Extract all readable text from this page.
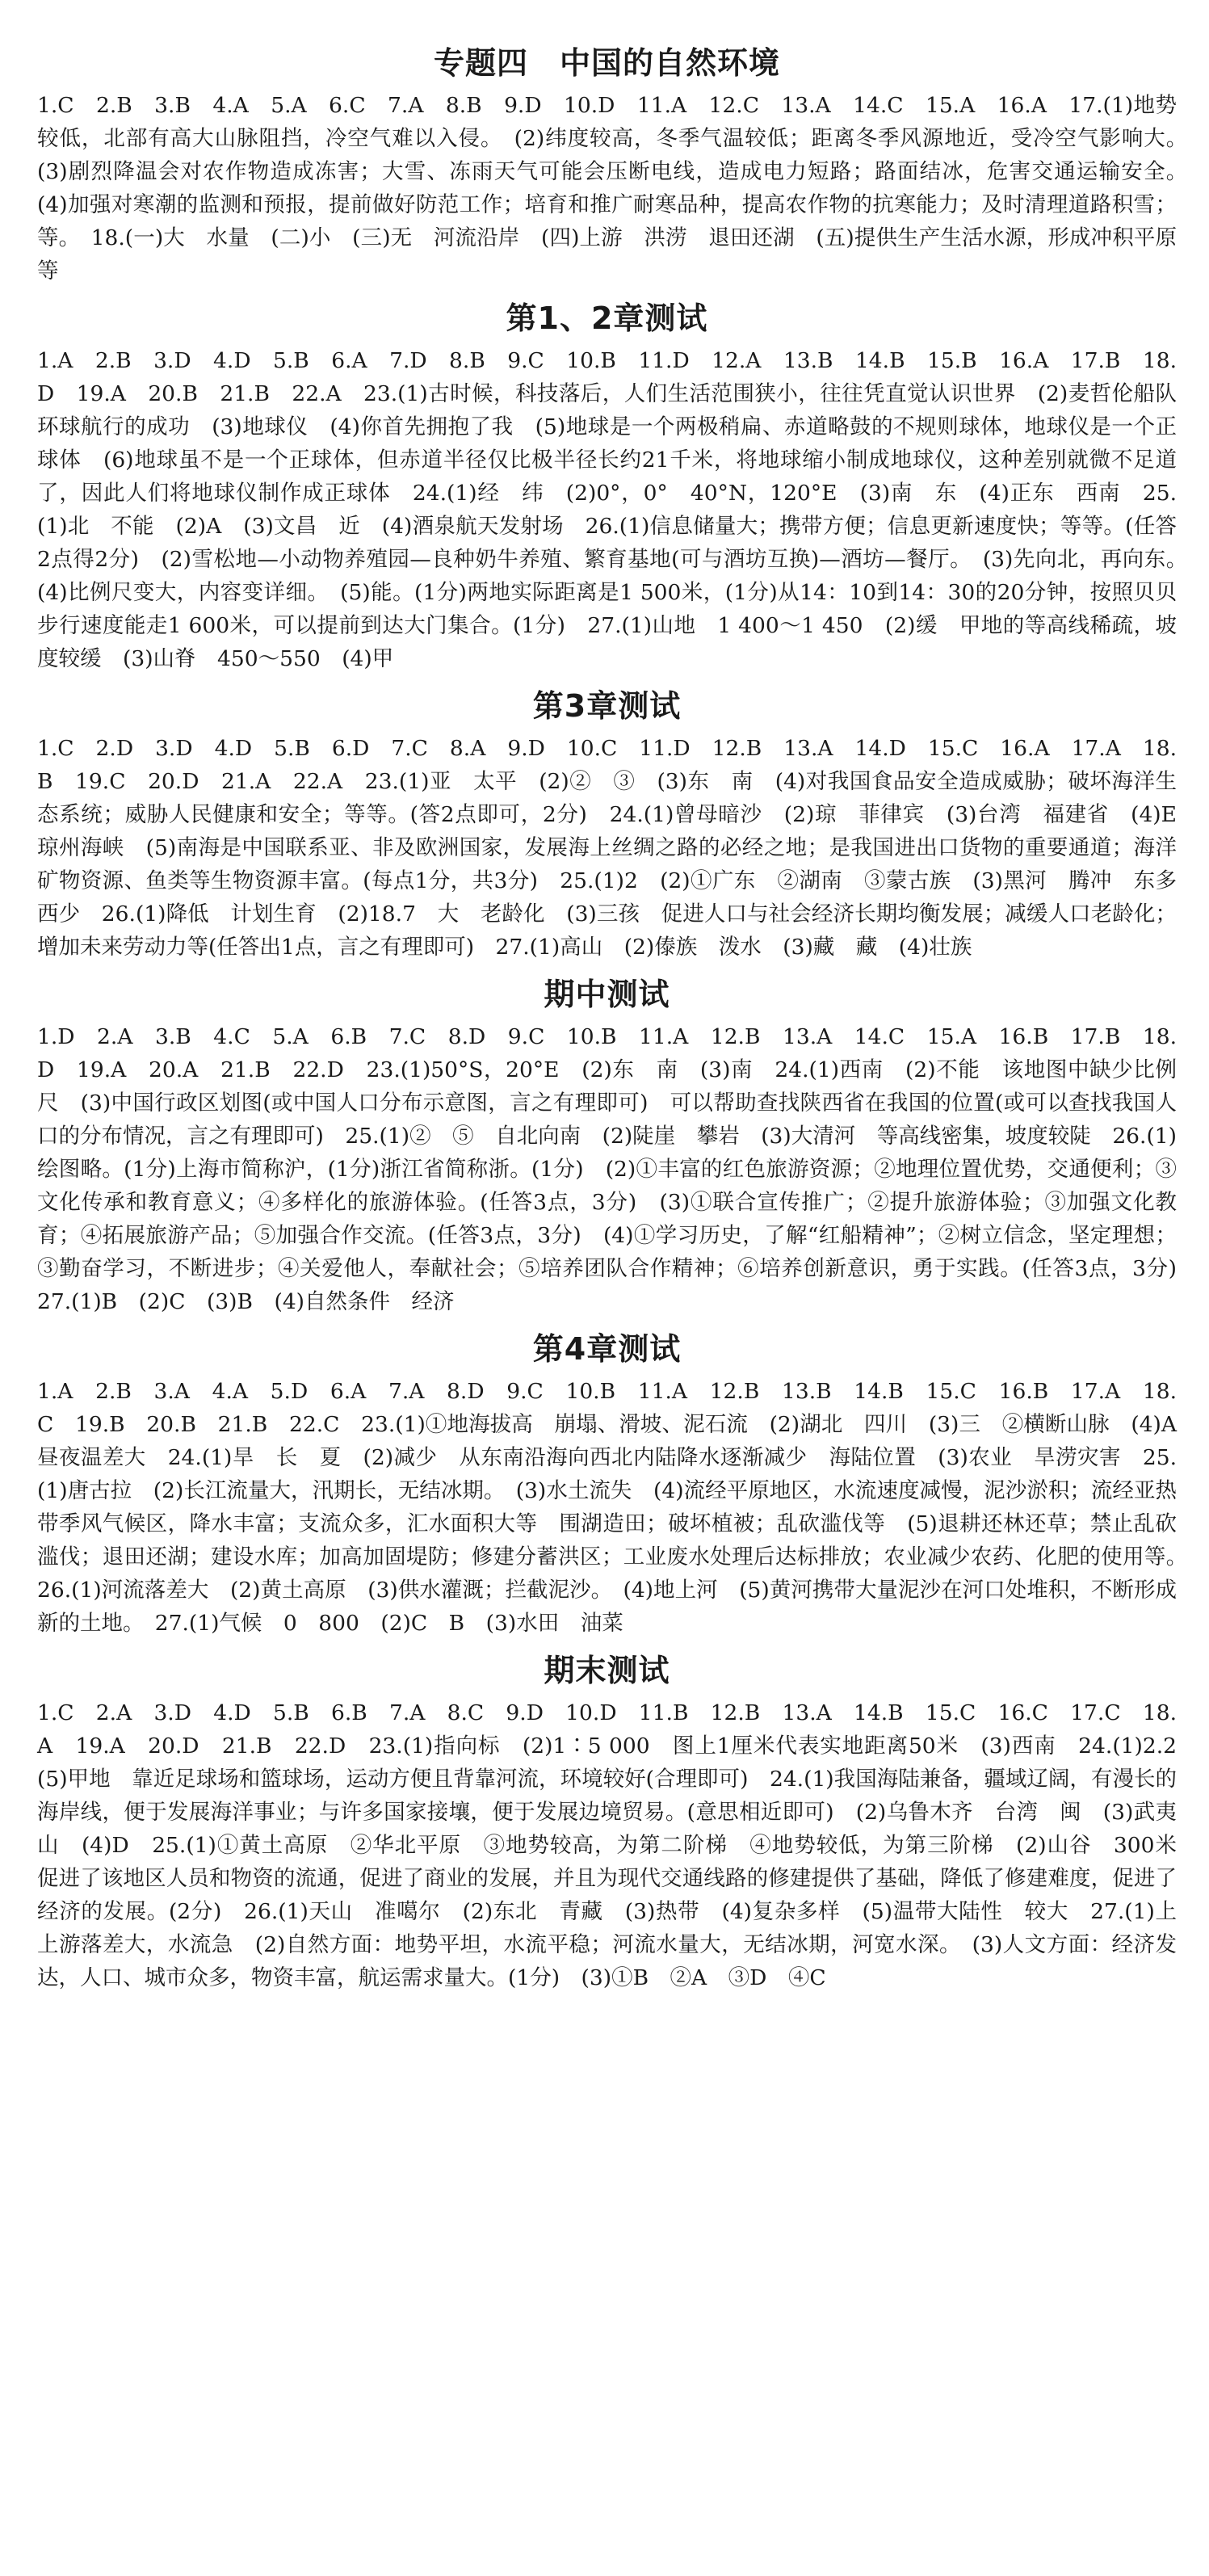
专题四　中国的自然环境
1.C　2.B　3.B　4.A　5.A　6.C　7.A　8.B　9.D　10.D　11.A　12.C　13.A　14.C　15.A　16.A　17.(1)地势较低，北部有高大山脉阻挡，冷空气难以入侵。　(2)纬度较高，冬季气温较低；距离冬季风源地近，受冷空气影响大。　(3)剧烈降温会对农作物造成冻害；大雪、冻雨天气可能会压断电线，造成电力短路；路面结冰，危害交通运输安全。　(4)加强对寒潮的监测和预报，提前做好防范工作；培育和推广耐寒品种，提高农作物的抗寒能力；及时清理道路积雪；等。　18.(一)大　水量　(二)小　(三)无　河流沿岸　(四)上游　洪涝　退田还湖　(五)提供生产生活水源，形成冲积平原等
第1、2章测试
1.A　2.B　3.D　4.D　5.B　6.A　7.D　8.B　9.C　10.B　11.D　12.A　13.B　14.B　15.B　16.A　17.B　18.D　19.A　20.B　21.B　22.A　23.(1)古时候，科技落后，人们生活范围狭小，往往凭直觉认识世界　(2)麦哲伦船队环球航行的成功　(3)地球仪　(4)你首先拥抱了我　(5)地球是一个两极稍扁、赤道略鼓的不规则球体，地球仪是一个正球体　(6)地球虽不是一个正球体，但赤道半径仅比极半径长约21千米，将地球缩小制成地球仪，这种差别就微不足道了，因此人们将地球仪制作成正球体　24.(1)经　纬　(2)0°，0°　40°N，120°E　(3)南　东　(4)正东　西南　25.(1)北　不能　(2)A　(3)文昌　近　(4)酒泉航天发射场　26.(1)信息储量大；携带方便；信息更新速度快；等等。(任答2点得2分)　(2)雪松地—小动物养殖园—良种奶牛养殖、繁育基地(可与酒坊互换)—酒坊—餐厅。　(3)先向北，再向东。　(4)比例尺变大，内容变详细。　(5)能。(1分)两地实际距离是1 500米，(1分)从14：10到14：30的20分钟，按照贝贝步行速度能走1 600米，可以提前到达大门集合。(1分)　27.(1)山地　1 400～1 450　(2)缓　甲地的等高线稀疏，坡度较缓　(3)山脊　450～550　(4)甲
第3章测试
1.C　2.D　3.D　4.D　5.B　6.D　7.C　8.A　9.D　10.C　11.D　12.B　13.A　14.D　15.C　16.A　17.A　18.B　19.C　20.D　21.A　22.A　23.(1)亚　太平　(2)②　③　(3)东　南　(4)对我国食品安全造成威胁；破坏海洋生态系统；威胁人民健康和安全；等等。(答2点即可，2分)　24.(1)曾母暗沙　(2)琼　菲律宾　(3)台湾　福建省　(4)E　琼州海峡　(5)南海是中国联系亚、非及欧洲国家，发展海上丝绸之路的必经之地；是我国进出口货物的重要通道；海洋矿物资源、鱼类等生物资源丰富。(每点1分，共3分)　25.(1)2　(2)①广东　②湖南　③蒙古族　(3)黑河　腾冲　东多西少　26.(1)降低　计划生育　(2)18.7　大　老龄化　(3)三孩　促进人口与社会经济长期均衡发展；减缓人口老龄化；增加未来劳动力等(任答出1点，言之有理即可)　27.(1)高山　(2)傣族　泼水　(3)藏　藏　(4)壮族
期中测试
1.D　2.A　3.B　4.C　5.A　6.B　7.C　8.D　9.C　10.B　11.A　12.B　13.A　14.C　15.A　16.B　17.B　18.D　19.A　20.A　21.B　22.D　23.(1)50°S，20°E　(2)东　南　(3)南　24.(1)西南　(2)不能　该地图中缺少比例尺　(3)中国行政区划图(或中国人口分布示意图，言之有理即可)　可以帮助查找陕西省在我国的位置(或可以查找我国人口的分布情况，言之有理即可)　25.(1)②　⑤　自北向南　(2)陡崖　攀岩　(3)大清河　等高线密集，坡度较陡　26.(1)绘图略。(1分)上海市简称沪，(1分)浙江省简称浙。(1分)　(2)①丰富的红色旅游资源；②地理位置优势，交通便利；③文化传承和教育意义；④多样化的旅游体验。(任答3点，3分)　(3)①联合宣传推广；②提升旅游体验；③加强文化教育；④拓展旅游产品；⑤加强合作交流。(任答3点，3分)　(4)①学习历史，了解“红船精神”；②树立信念，坚定理想；③勤奋学习，不断进步；④关爱他人，奉献社会；⑤培养团队合作精神；⑥培养创新意识，勇于实践。(任答3点，3分)　27.(1)B　(2)C　(3)B　(4)自然条件　经济
第4章测试
1.A　2.B　3.A　4.A　5.D　6.A　7.A　8.D　9.C　10.B　11.A　12.B　13.B　14.B　15.C　16.B　17.A　18.C　19.B　20.B　21.B　22.C　23.(1)①地海拔高　崩塌、滑坡、泥石流　(2)湖北　四川　(3)三　②横断山脉　(4)A　昼夜温差大　24.(1)旱　长　夏　(2)减少　从东南沿海向西北内陆降水逐渐减少　海陆位置　(3)农业　旱涝灾害　25.(1)唐古拉　(2)长江流量大，汛期长，无结冰期。　(3)水土流失　(4)流经平原地区，水流速度减慢，泥沙淤积；流经亚热带季风气候区，降水丰富；支流众多，汇水面积大等　围湖造田；破坏植被；乱砍滥伐等　(5)退耕还林还草；禁止乱砍滥伐；退田还湖；建设水库；加高加固堤防；修建分蓄洪区；工业废水处理后达标排放；农业减少农药、化肥的使用等。　26.(1)河流落差大　(2)黄土高原　(3)供水灌溉；拦截泥沙。　(4)地上河　(5)黄河携带大量泥沙在河口处堆积，不断形成新的土地。　27.(1)气候　0　800　(2)C　B　(3)水田　油菜
期末测试
1.C　2.A　3.D　4.D　5.B　6.B　7.A　8.C　9.D　10.D　11.B　12.B　13.A　14.B　15.C　16.C　17.C　18.A　19.A　20.D　21.B　22.D　23.(1)指向标　(2)1∶5 000　图上1厘米代表实地距离50米　(3)西南　24.(1)2.2　(5)甲地　靠近足球场和篮球场，运动方便且背靠河流，环境较好(合理即可)　24.(1)我国海陆兼备，疆域辽阔，有漫长的海岸线，便于发展海洋事业；与许多国家接壤，便于发展边境贸易。(意思相近即可)　(2)乌鲁木齐　台湾　闽　(3)武夷山　(4)D　25.(1)①黄土高原　②华北平原　③地势较高，为第二阶梯　④地势较低，为第三阶梯　(2)山谷　300米　促进了该地区人员和物资的流通，促进了商业的发展，并且为现代交通线路的修建提供了基础，降低了修建难度，促进了经济的发展。(2分)　26.(1)天山　准噶尔　(2)东北　青藏　(3)热带　(4)复杂多样　(5)温带大陆性　较大　27.(1)上　上游落差大，水流急　(2)自然方面：地势平坦，水流平稳；河流水量大，无结冰期，河宽水深。　(3)人文方面：经济发达，人口、城市众多，物资丰富，航运需求量大。(1分)　(3)①B　②A　③D　④C
